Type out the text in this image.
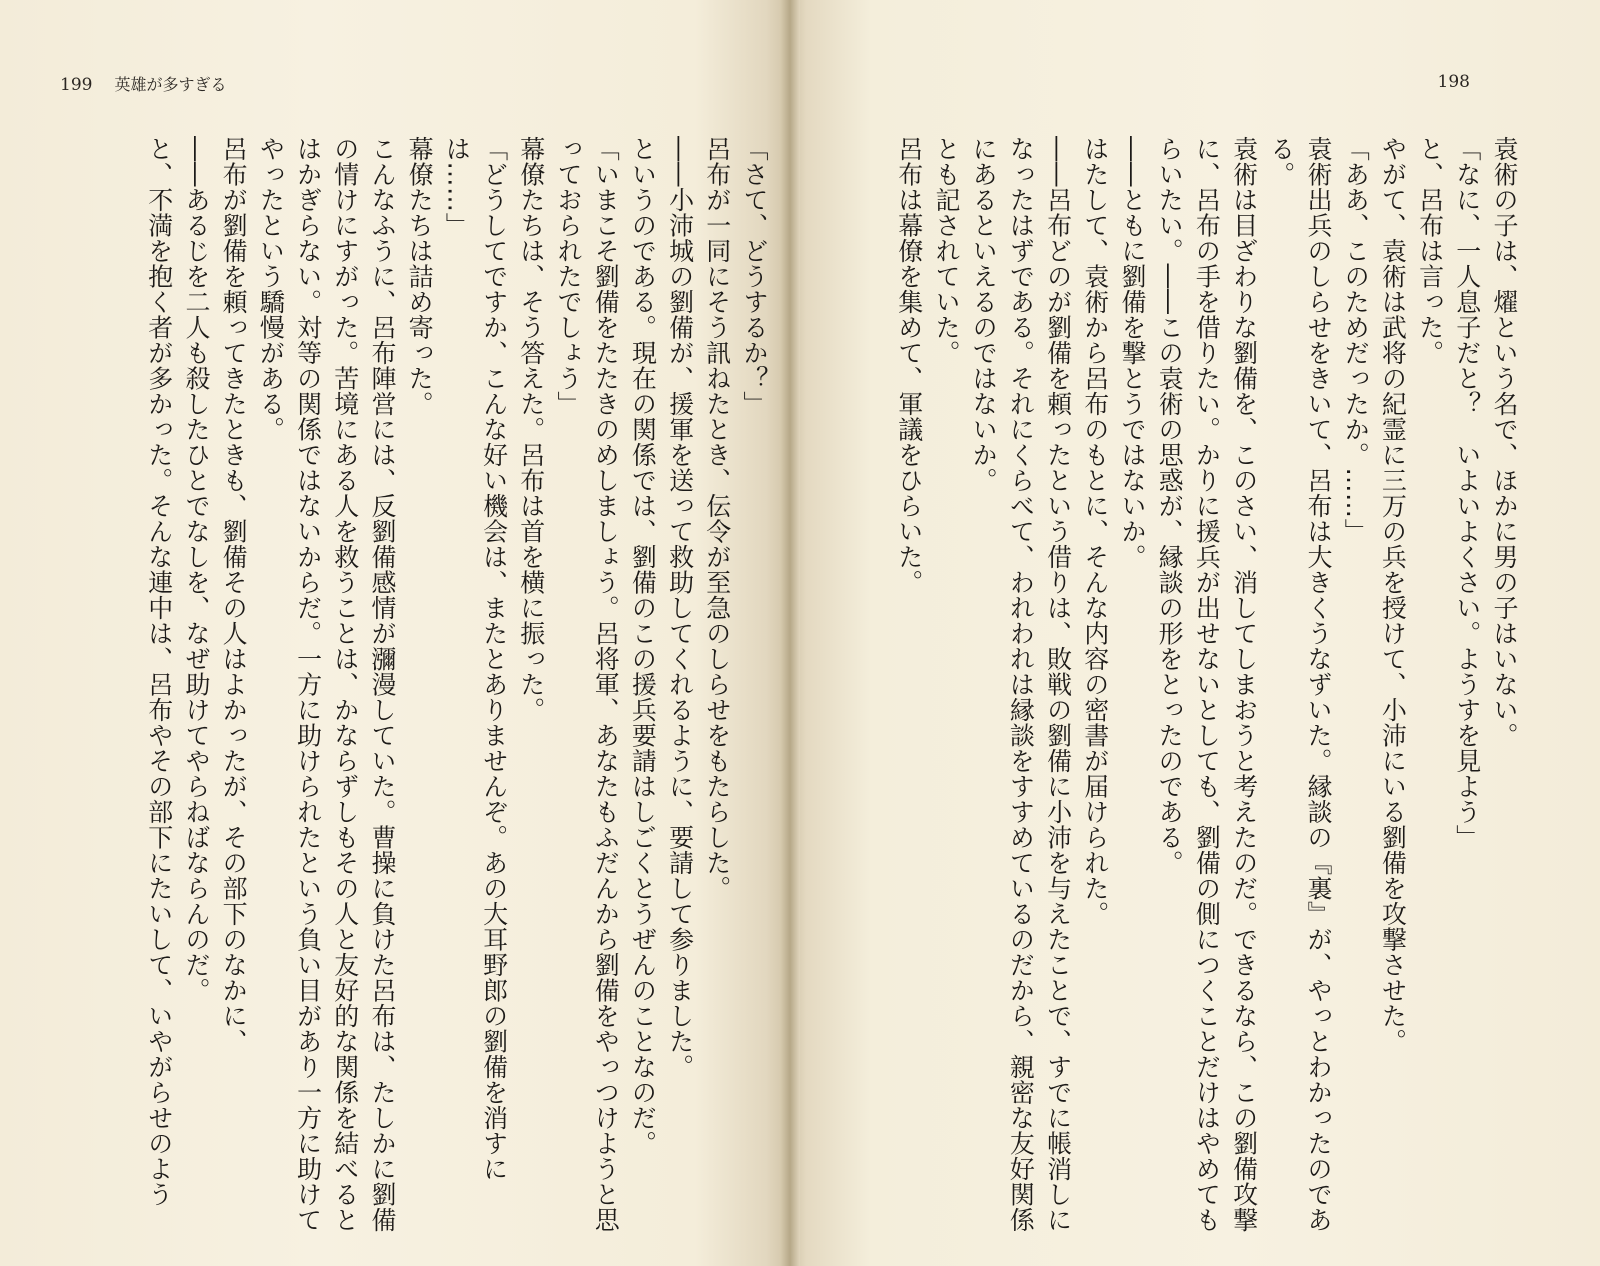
199 英雄が多すぎる

「さて、どうするか？」

呂布が一同にそう訊ねたとき、伝令が至急のしらせをもたらした。

――小沛城の劉備が、援軍を送って救助してくれるように、要請して参りました。

というのである。現在の関係では、劉備のこの援兵要請はしごくとうぜんのことなのだ。

「いまこそ劉備をたたきのめしましょう。呂将軍、あなたもふだんから劉備をやっつけようと思っておられたでしょう」

幕僚たちは、そう答えた。呂布は首を横に振った。

「どうしてですか、こんな好い機会は、またとありませんぞ。あの大耳野郎の劉備を消すには……」

幕僚たちは詰め寄った。

こんなふうに、呂布陣営には、反劉備感情が瀰漫していた。曹操に負けた呂布は、たしかに劉備の情けにすがった。苦境にある人を救うことは、かならずしもその人と友好的な関係を結べるとはかぎらない。対等の関係ではないからだ。一方に助けられたという負い目があり一方に助けてやったという驕慢がある。

呂布が劉備を頼ってきたときも、劉備その人はよかったが、その部下のなかに、

――あるじを二人も殺したひとでなしを、なぜ助けてやらねばならんのだ。

と、不満を抱く者が多かった。そんな連中は、呂布やその部下にたいして、いやがらせのよう

198

袁術の子は、燿という名で、ほかに男の子はいない。

「なに、一人息子だと？　いよいよくさい。ようすを見よう」

と、呂布は言った。

やがて、袁術は武将の紀霊に三万の兵を授けて、小沛にいる劉備を攻撃させた。

「ああ、このためだったか。……」

袁術出兵のしらせをきいて、呂布は大きくうなずいた。縁談の『裏』が、やっとわかったのである。

袁術は目ざわりな劉備を、このさい、消してしまおうと考えたのだ。できるなら、この劉備攻撃に、呂布の手を借りたい。かりに援兵が出せないとしても、劉備の側につくことだけはやめてもらいたい。――この袁術の思惑が、縁談の形をとったのである。

――ともに劉備を撃とうではないか。

はたして、袁術から呂布のもとに、そんな内容の密書が届けられた。

――呂布どのが劉備を頼ったという借りは、敗戦の劉備に小沛を与えたことで、すでに帳消しになったはずである。それにくらべて、われわれは縁談をすすめているのだから、親密な友好関係にあるといえるのではないか。

とも記されていた。

呂布は幕僚を集めて、軍議をひらいた。
